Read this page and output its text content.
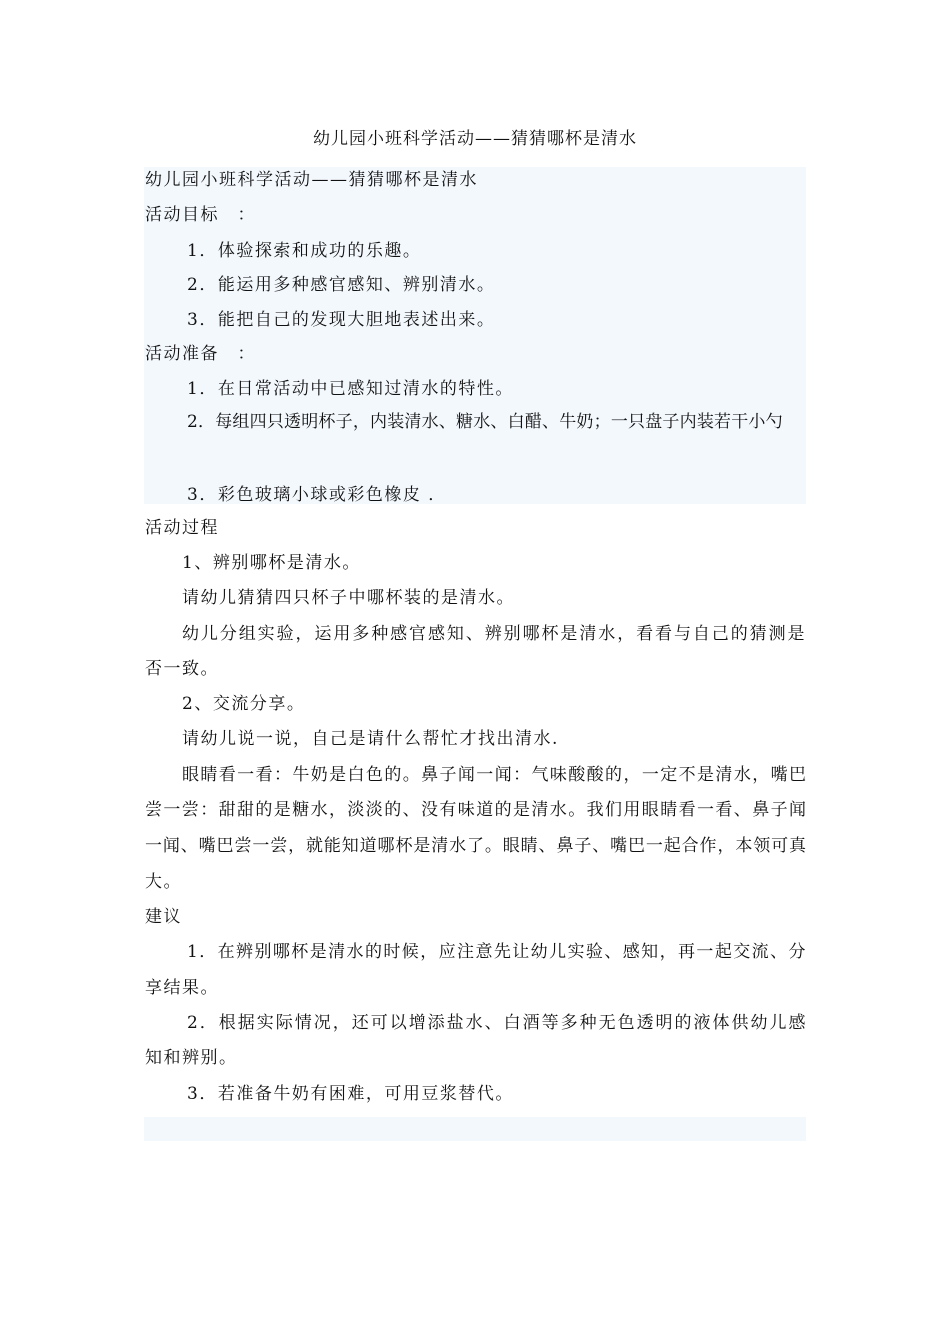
幼儿园小班科学活动——猜猜哪杯是清水
幼儿园小班科学活动——猜猜哪杯是清水
活动目标　：
1．体验探索和成功的乐趣。
2．能运用多种感官感知、辨别清水。
3．能把自己的发现大胆地表述出来。
活动准备　：
1．在日常活动中已感知过清水的特性。
2．每组四只透明杯子，内装清水、糖水、白醋、牛奶；一只盘子内装若干小勺
3．彩色玻璃小球或彩色橡皮 ．
活动过程
1、辨别哪杯是清水。
请幼儿猜猜四只杯子中哪杯装的是清水。
幼儿分组实验，运用多种感官感知、辨别哪杯是清水，看看与自己的猜测是
否一致。
2、交流分享。
请幼儿说一说，自己是请什么帮忙才找出清水.
眼睛看一看：牛奶是白色的。鼻子闻一闻：气味酸酸的，一定不是清水，嘴巴
尝一尝：甜甜的是糖水，淡淡的、没有味道的是清水。我们用眼睛看一看、鼻子闻
一闻、嘴巴尝一尝，就能知道哪杯是清水了。眼睛、鼻子、嘴巴一起合作，本领可真
大。
建议
1．在辨别哪杯是清水的时候，应注意先让幼儿实验、感知，再一起交流、分
享结果。
2．根据实际情况，还可以增添盐水、白酒等多种无色透明的液体供幼儿感
知和辨别。
3．若准备牛奶有困难，可用豆浆替代。
